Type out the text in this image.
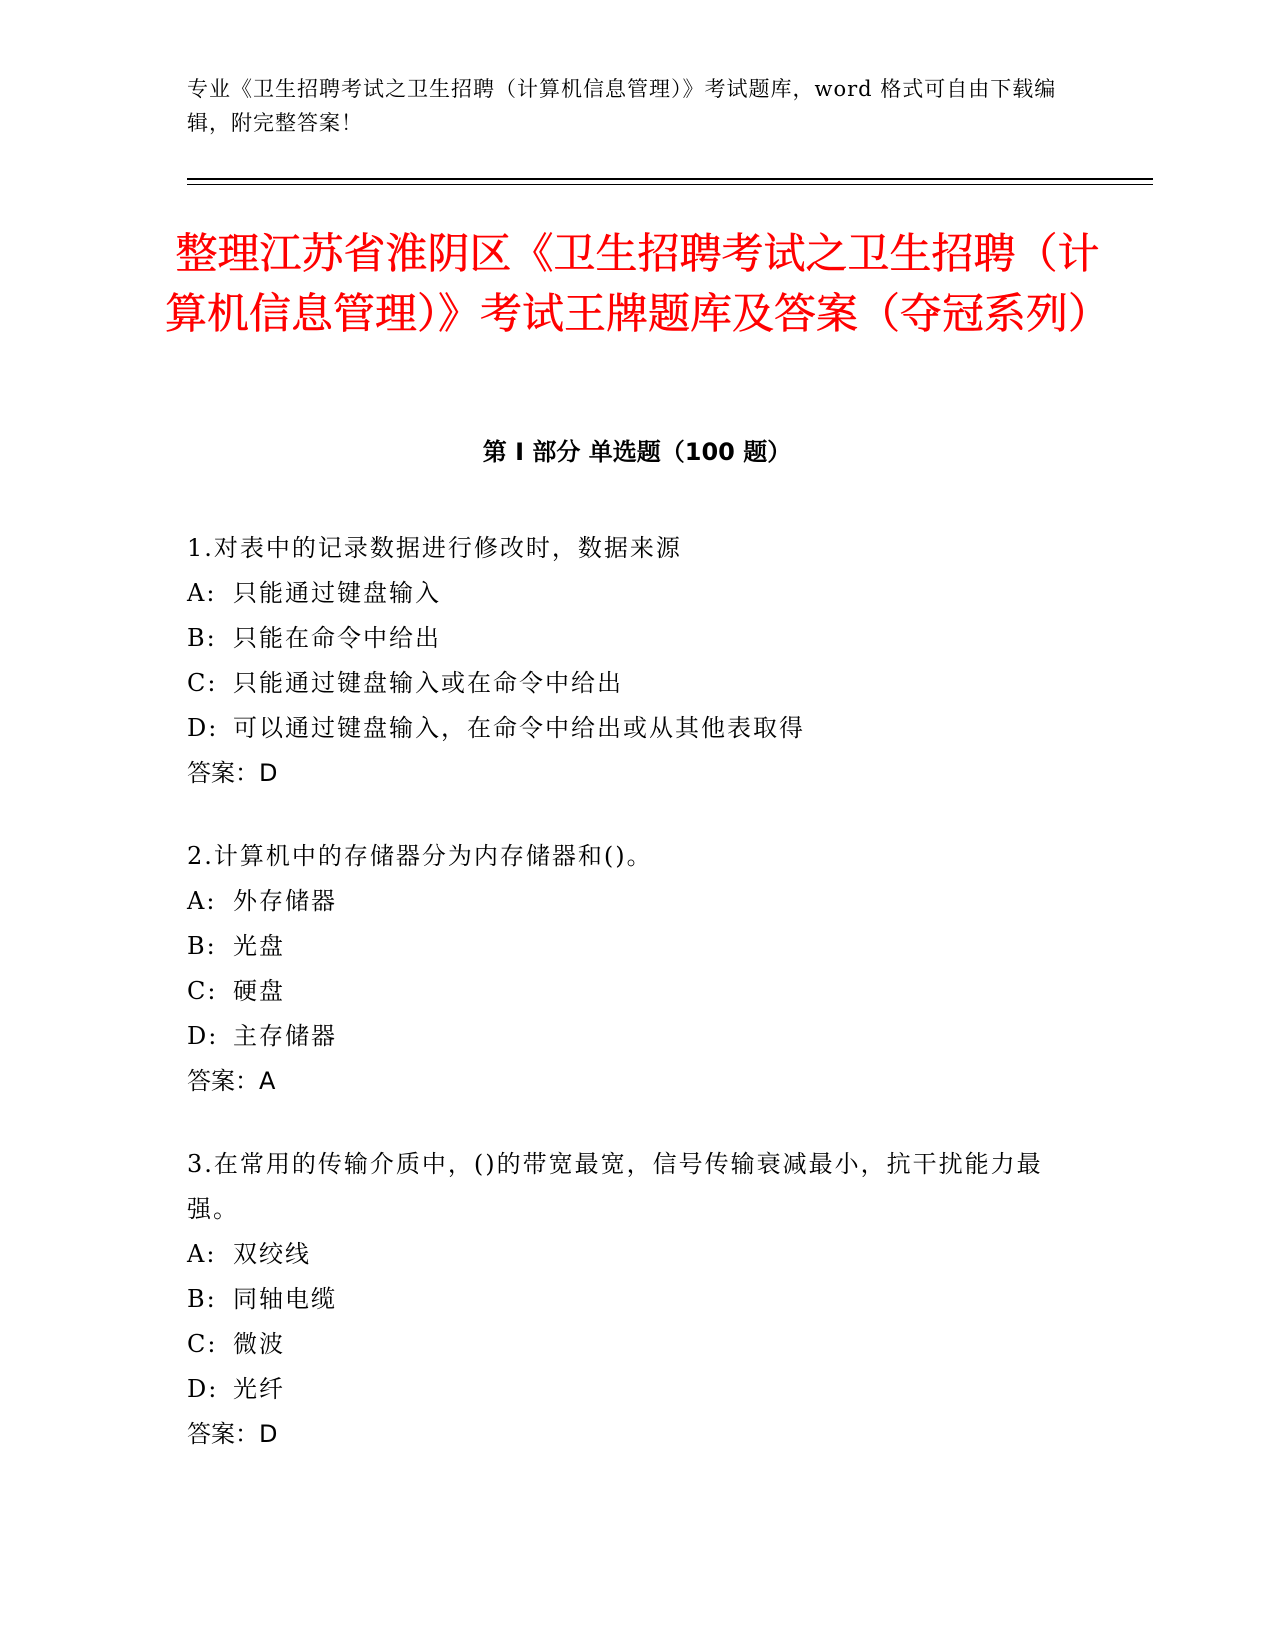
专业《卫生招聘考试之卫生招聘（计算机信息管理）》考试题库，word 格式可自由下载编辑，附完整答案！
整理江苏省淮阴区《卫生招聘考试之卫生招聘（计算机信息管理）》考试王牌题库及答案（夺冠系列）
第 I 部分 单选题（100 题）

1.对表中的记录数据进行修改时，数据来源

A: 只能通过键盘输入

B: 只能在命令中给出

C: 只能通过键盘输入或在命令中给出

D: 可以通过键盘输入，在命令中给出或从其他表取得

答案：D

2.计算机中的存储器分为内存储器和()。

A: 外存储器

B: 光盘

C: 硬盘

D: 主存储器

答案：A

3.在常用的传输介质中，()的带宽最宽，信号传输衰减最小，抗干扰能力最强。

A: 双绞线

B: 同轴电缆

C: 微波

D: 光纤

答案：D
